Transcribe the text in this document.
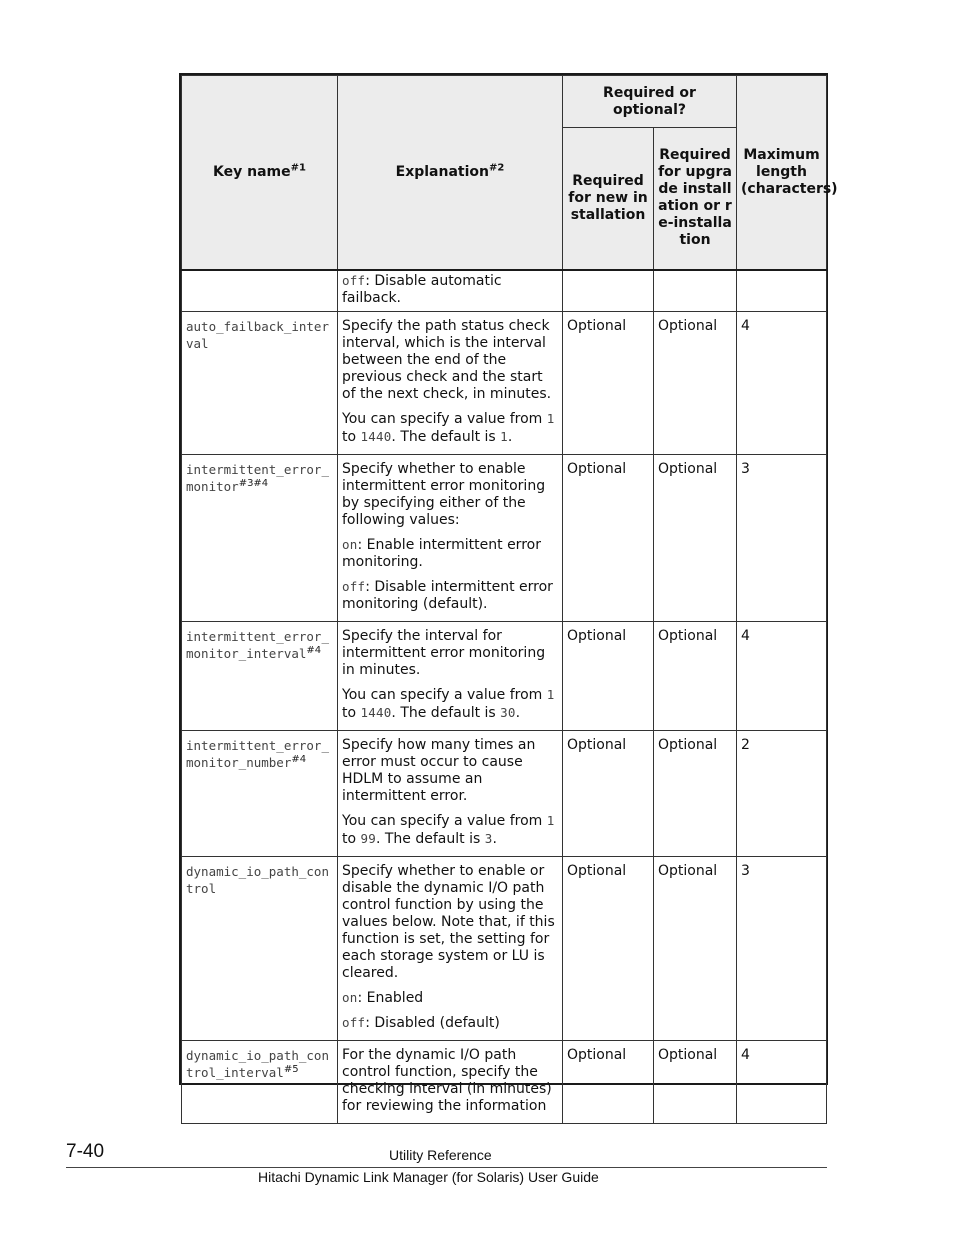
Key name$^{\#1}$	Explanation$^{\#2}$	Required or optional?		Maximum length (characters)
		Required for new installation	Required for upgrade installation or re-installation	
	off: Disable automatic failback.			
auto_failback_interval	Specify the path status check interval, which is the interval between the end of the previous check and the start of the next check, in minutes.

You can specify a value from 1 to 1440. The default is 1.	Optional	Optional	4
intermittent_error_monitor$^{\#3\#4}$	Specify whether to enable intermittent error monitoring by specifying either of the following values:

on: Enable intermittent error monitoring.

off: Disable intermittent error monitoring (default).	Optional	Optional	3
intermittent_error_monitor_interval$^{\#4}$	Specify the interval for intermittent error monitoring in minutes.

You can specify a value from 1 to 1440. The default is 30.	Optional	Optional	4
intermittent_error_monitor_number$^{\#4}$	Specify how many times an error must occur to cause HDLM to assume an intermittent error.

You can specify a value from 1 to 99. The default is 3.	Optional	Optional	2
dynamic_io_path_control	Specify whether to enable or disable the dynamic I/O path control function by using the values below. Note that, if this function is set, the setting for each storage system or LU is cleared.

on: Enabled

off: Disabled (default)	Optional	Optional	3
dynamic_io_path_control_interval$^{\#5}$	For the dynamic I/O path control function, specify the checking interval (in minutes) for reviewing the information	Optional	Optional	4
7-40	Utility Reference
Hitachi Dynamic Link Manager (for Solaris) User Guide
